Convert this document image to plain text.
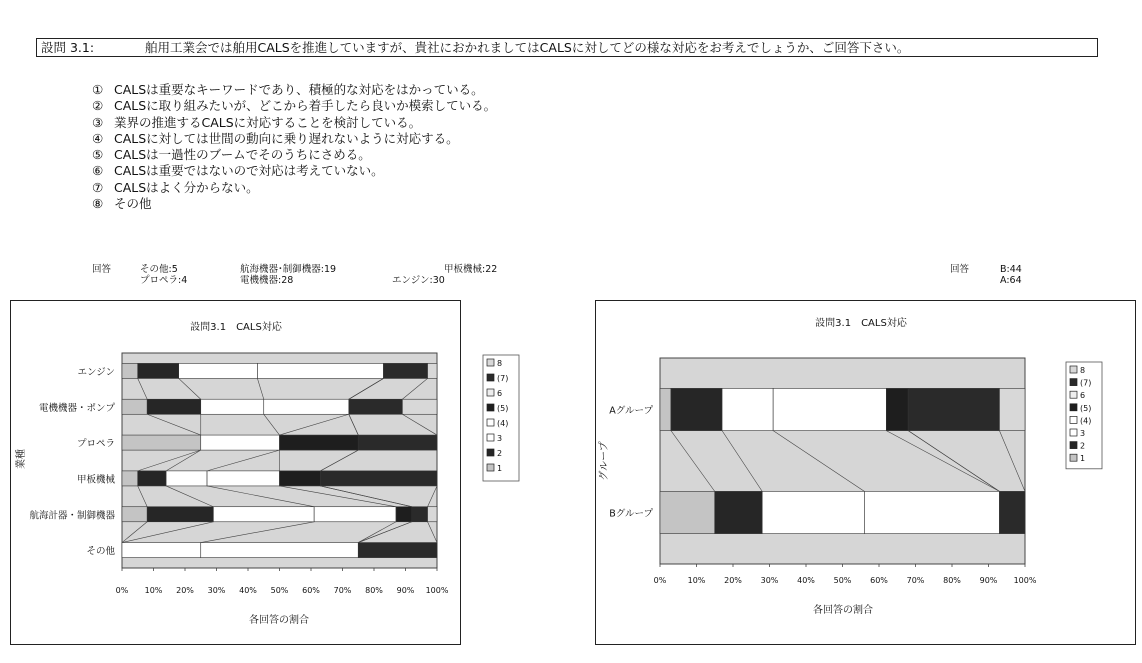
設問 3.1:	舶用工業会では舶用CALSを推進していますが、貴社におかれましてはCALSに対してどの様な対応をお考えでしょうか、ご回答下さい。
① CALSは重要なキーワードであり、積極的な対応をはかっている。
② CALSに取り組みたいが、どこから着手したら良いか模索している。
③ 業界の推進するCALSに対応することを検討している。
④ CALSに対しては世間の動向に乗り遅れないように対応する。
⑤ CALSは一過性のブームでそのうちにさめる。
⑥ CALSは重要ではないので対応は考えていない。
⑦ CALSはよく分からない。
⑧ その他
回答	その他:5
プロペラ:4
航海機器･制御機器:19
電機機器:28
甲板機械:22
エンジン:30
回答	B:44
A:64
エンジン
電機機器・ポンプ
プロペラ
甲板機械
航海計器・制御機器
その他
0% 10% 20% 30% 40% 50% 60% 70% 80% 90% 100%
8
(7)
6
(5)
(4)
3
2
1
設問3.1　CALS対応
各回答の割合
業種
Aグループ
Bグループ
0%	10% 20% 30% 40% 50% 60% 70% 80% 90% 100%
8
(7)
6
(5)
(4)
3
2
1
設問3.1　CALS対応
各回答の割合
グループ
